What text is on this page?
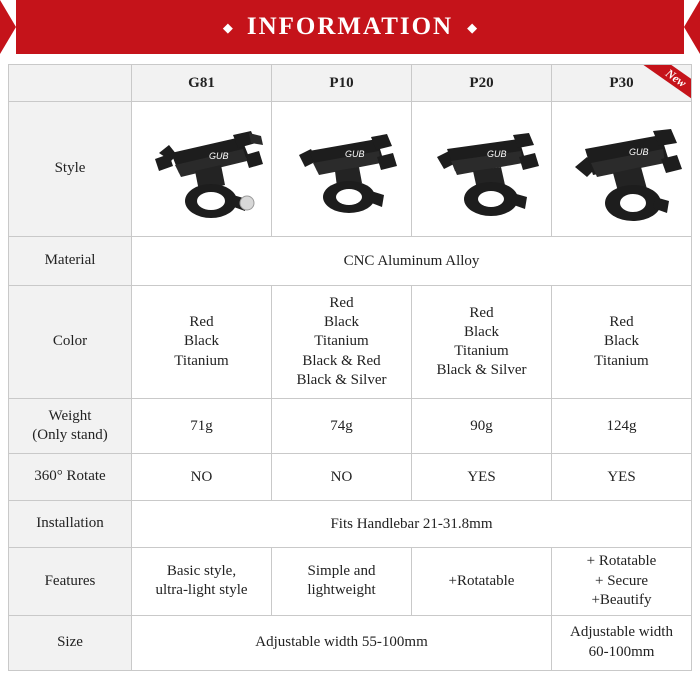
◆ INFORMATION ◆
	G81	P10	P20	P30 New

Style	GUB	GUB	GUB	GUB

Material	CNC Aluminum Alloy			
Color	Red
Black
Titanium	Red
Black
Titanium
Black & Red
Black & Silver	Red
Black
Titanium
Black & Silver	Red
Black
Titanium
Weight
(Only stand)	71g	74g	90g	124g
360° Rotate	NO	NO	YES	YES
Installation	Fits Handlebar 21-31.8mm			
Features	Basic style,
ultra-light style	Simple and
lightweight	+Rotatable	+ Rotatable
+ Secure
+Beautify
Size	Adjustable width 55-100mm			Adjustable width
60-100mm
